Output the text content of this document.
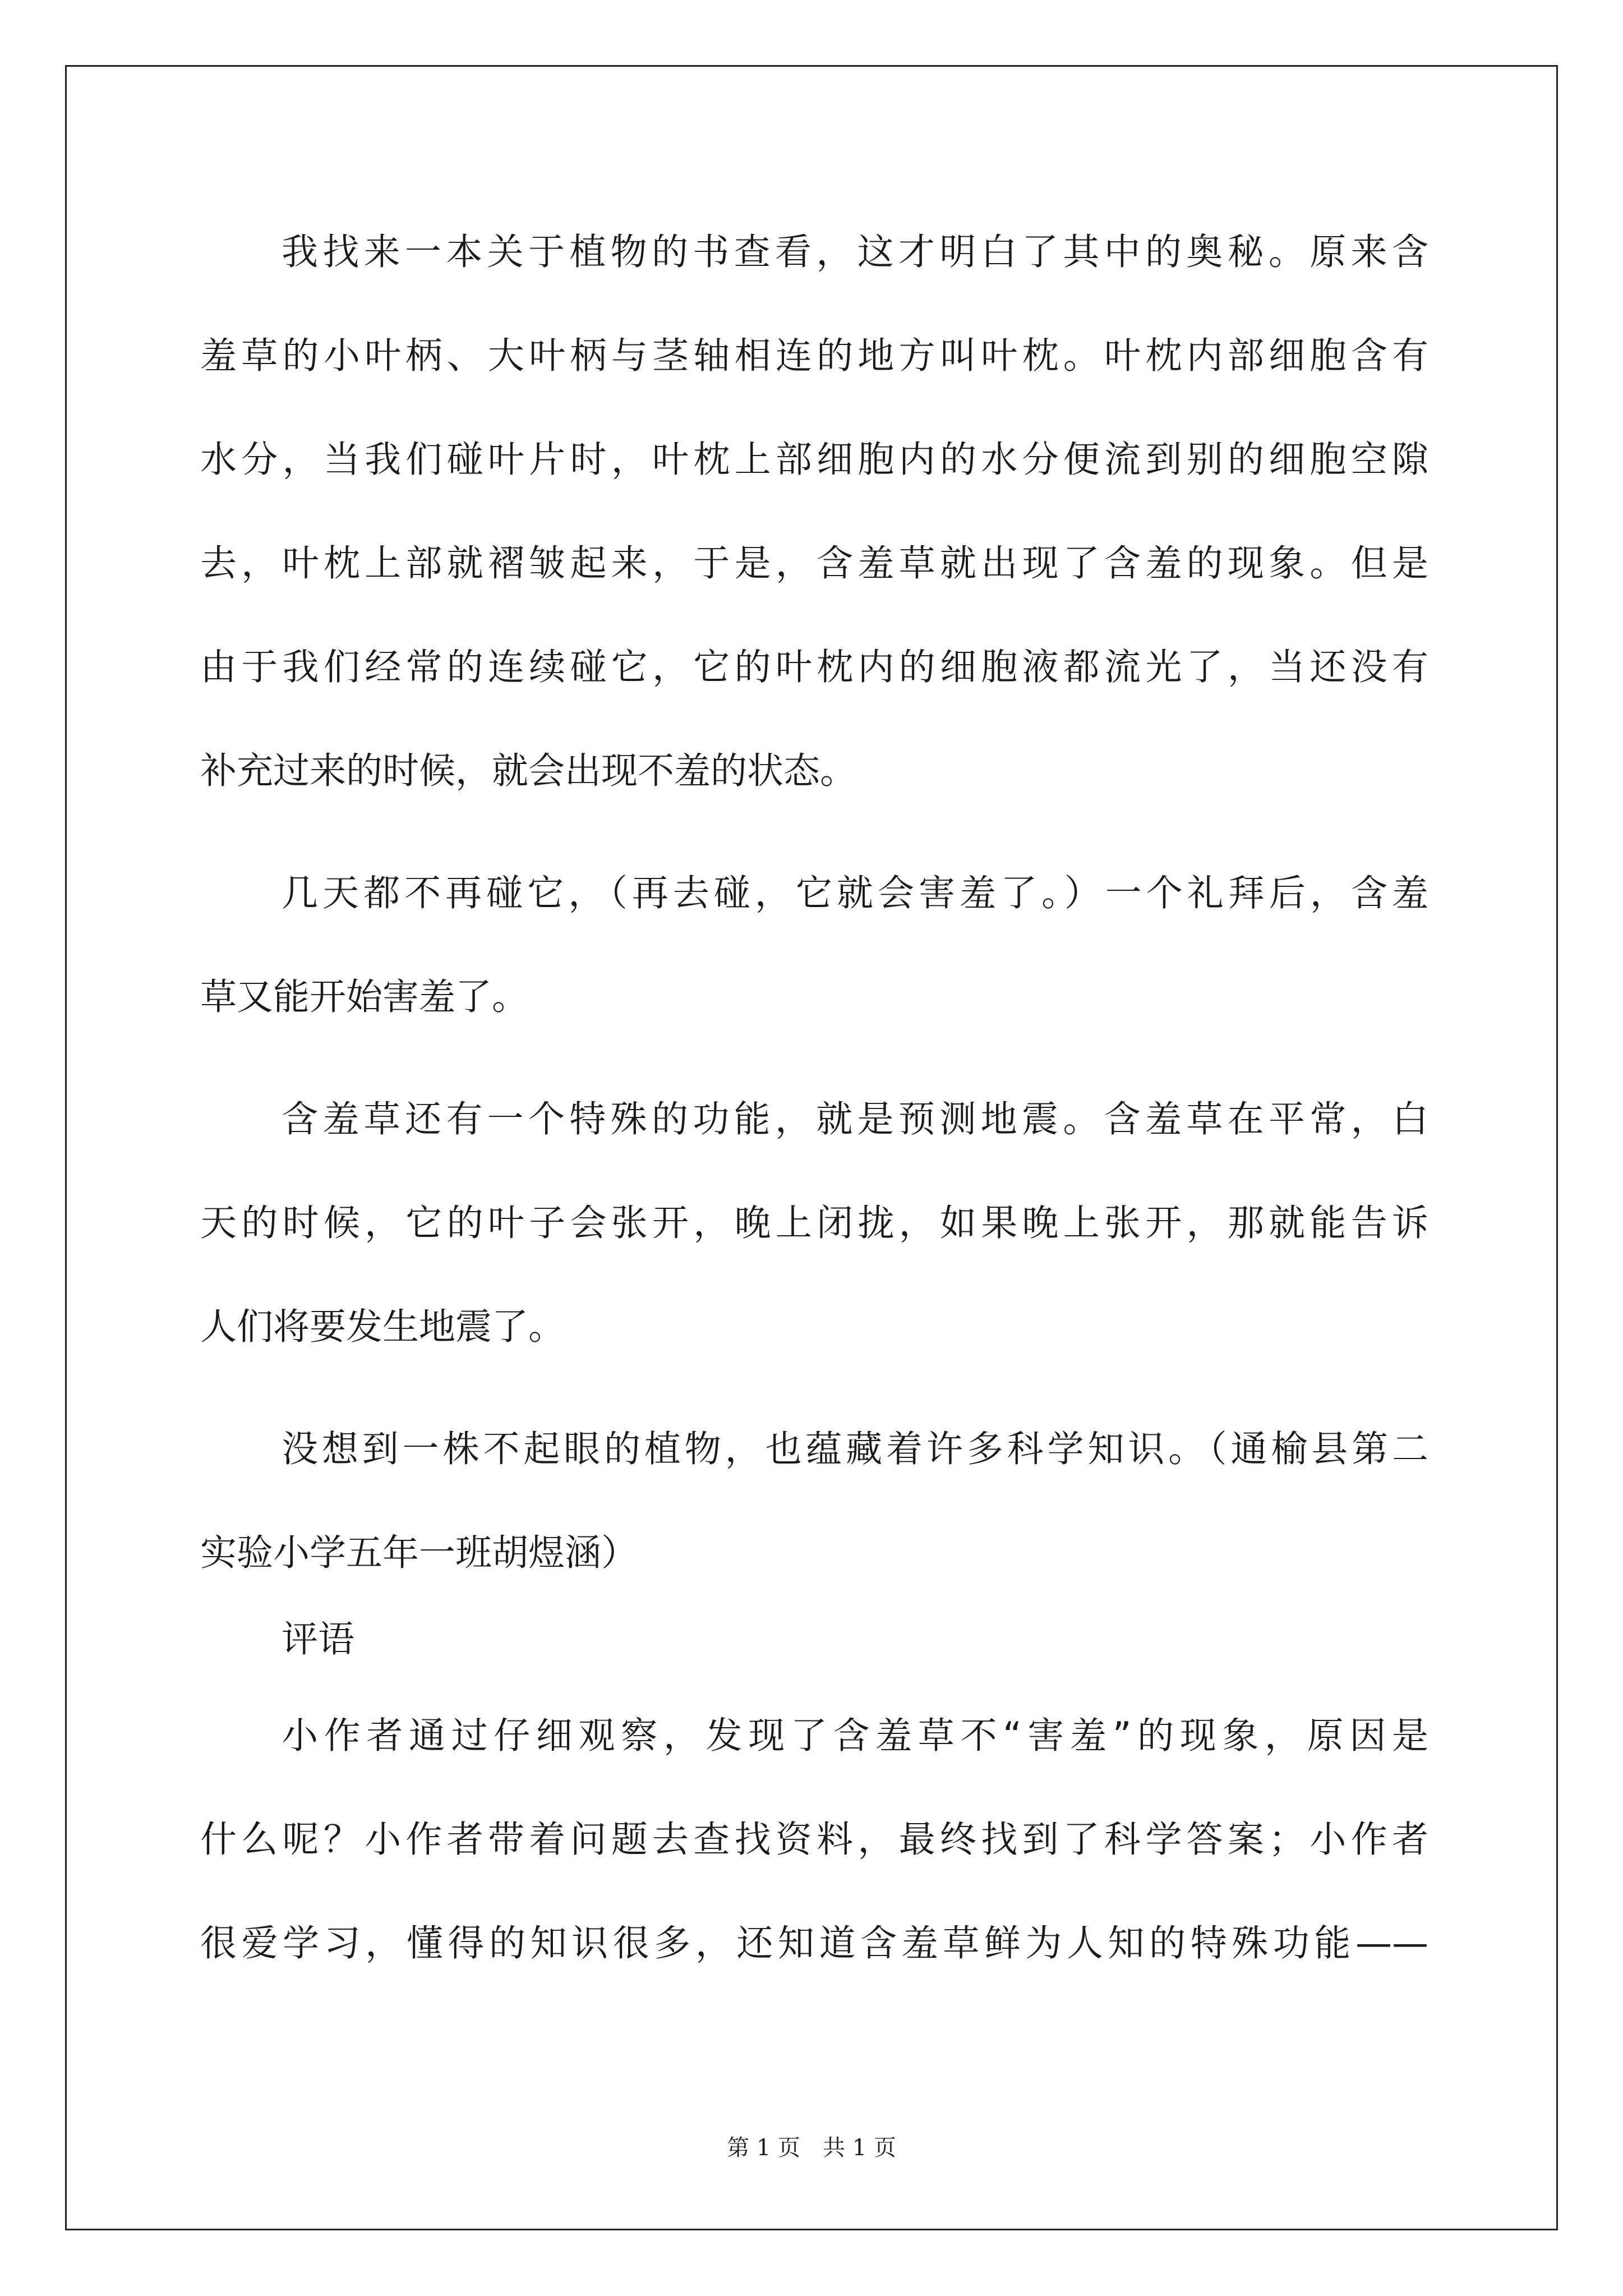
我找来一本关于植物的书查看，这才明白了其中的奥秘。原来含
羞草的小叶柄、大叶柄与茎轴相连的地方叫叶枕。叶枕内部细胞含有
水分，当我们碰叶片时，叶枕上部细胞内的水分便流到别的细胞空隙
去，叶枕上部就褶皱起来，于是，含羞草就出现了含羞的现象。但是
由于我们经常的连续碰它，它的叶枕内的细胞液都流光了，当还没有
补充过来的时候，就会出现不羞的状态。
几天都不再碰它，（再去碰，它就会害羞了。）一个礼拜后，含羞
草又能开始害羞了。
含羞草还有一个特殊的功能，就是预测地震。含羞草在平常，白
天的时候，它的叶子会张开，晚上闭拢，如果晚上张开，那就能告诉
人们将要发生地震了。
没想到一株不起眼的植物，也蕴藏着许多科学知识。（通榆县第二
实验小学五年一班胡煜涵）
评语
小作者通过仔细观察，发现了含羞草不“害羞”的现象，原因是
什么呢？小作者带着问题去查找资料，最终找到了科学答案；小作者
很爱学习，懂得的知识很多，还知道含羞草鲜为人知的特殊功能——
第 1 页　共 1 页
